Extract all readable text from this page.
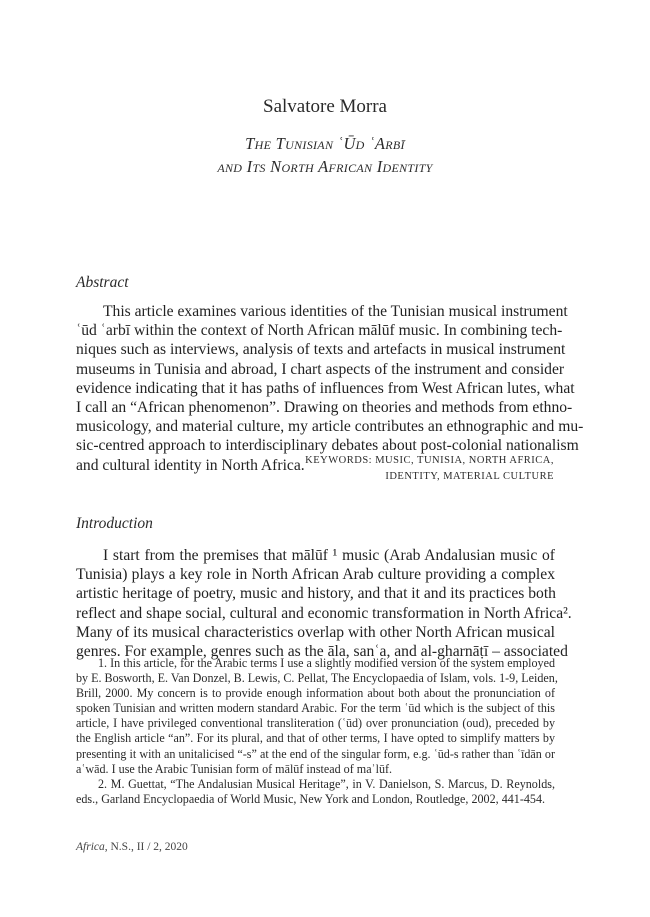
Salvatore Morra
The Tunisian ʿŪd ʿArbī
and Its North African Identity
Abstract
This article examines various identities of the Tunisian musical instrument
ʿūd ʿarbī within the context of North African mālūf music. In combining tech-
niques such as interviews, analysis of texts and artefacts in musical instrument
museums in Tunisia and abroad, I chart aspects of the instrument and consider
evidence indicating that it has paths of influences from West African lutes, what
I call an “African phenomenon”. Drawing on theories and methods from ethno-
musicology, and material culture, my article contributes an ethnographic and mu-
sic-centred approach to interdisciplinary debates about post-colonial nationalism
and cultural identity in North Africa. KEYWORDS: MUSIC, TUNISIA, NORTH AFRICA,
IDENTITY, MATERIAL CULTURE
Introduction
I start from the premises that mālūf ¹ music (Arab Andalusian music of
Tunisia) plays a key role in North African Arab culture providing a complex
artistic heritage of poetry, music and history, and that it and its practices both
reflect and shape social, cultural and economic transformation in North Africa².
Many of its musical characteristics overlap with other North African musical
genres. For example, genres such as the āla, sanʿa, and al-gharnāṭī – associated
1. In this article, for the Arabic terms I use a slightly modified version of the system employed
by E. Bosworth, E. Van Donzel, B. Lewis, C. Pellat, The Encyclopaedia of Islam, vols. 1-9, Leiden,
Brill, 2000. My concern is to provide enough information about both about the pronunciation of
spoken Tunisian and written modern standard Arabic. For the term ʿūd which is the subject of this
article, I have privileged conventional transliteration (ʿūd) over pronunciation (oud), preceded by
the English article “an”. For its plural, and that of other terms, I have opted to simplify matters by
presenting it with an unitalicised “-s” at the end of the singular form, e.g. ʿūd-s rather than ʿīdān or
aʿwād. I use the Arabic Tunisian form of mālūf instead of maʾlūf.
2. M. Guettat, “The Andalusian Musical Heritage”, in V. Danielson, S. Marcus, D. Reynolds,
eds., Garland Encyclopaedia of World Music, New York and London, Routledge, 2002, 441-454.
Africa, N.S., II / 2, 2020
